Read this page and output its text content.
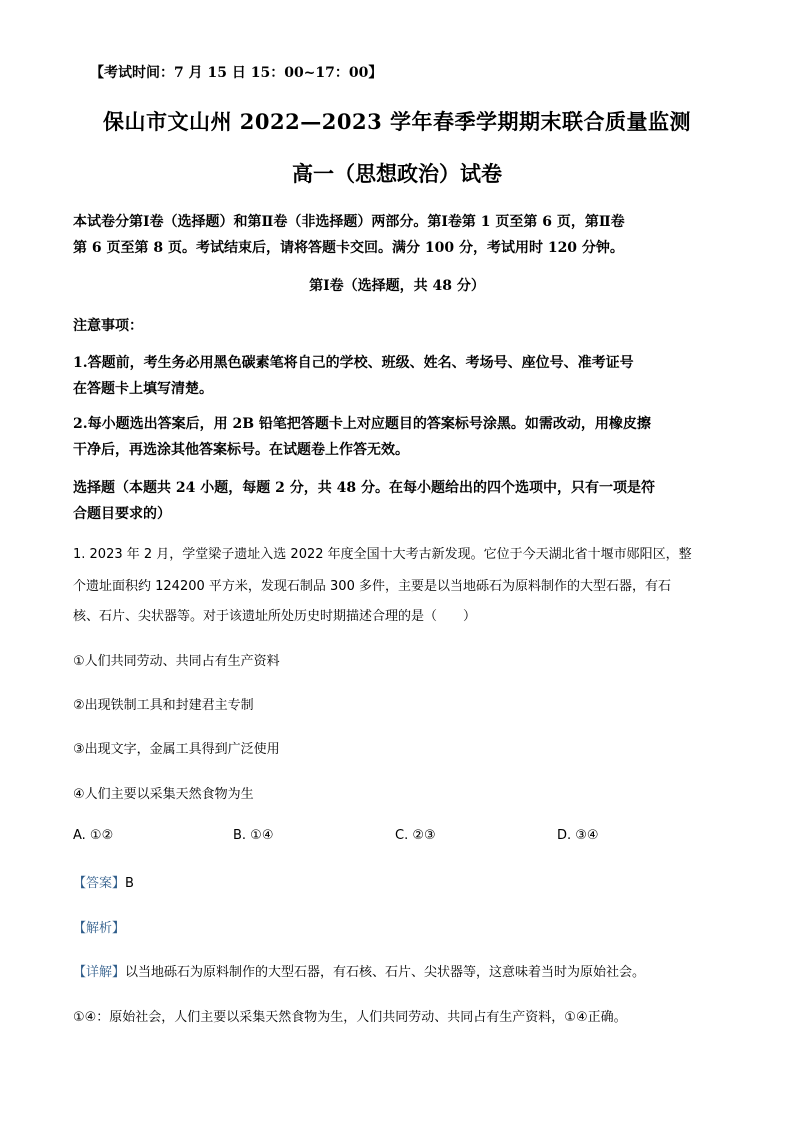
【考试时间：7 月 15 日 15：00~17：00】
保山市文山州 2022—2023 学年春季学期期末联合质量监测
高一（思想政治）试卷
本试卷分第Ⅰ卷（选择题）和第Ⅱ卷（非选择题）两部分。第Ⅰ卷第 1 页至第 6 页，第Ⅱ卷
第 6 页至第 8 页。考试结束后，请将答题卡交回。满分 100 分，考试用时 120 分钟。
第Ⅰ卷（选择题，共 48 分）
注意事项：
1.答题前，考生务必用黑色碳素笔将自己的学校、班级、姓名、考场号、座位号、准考证号
在答题卡上填写清楚。
2.每小题选出答案后，用 2B 铅笔把答题卡上对应题目的答案标号涂黑。如需改动，用橡皮擦
干净后，再选涂其他答案标号。在试题卷上作答无效。
选择题（本题共 24 小题，每题 2 分，共 48 分。在每小题给出的四个选项中，只有一项是符
合题目要求的）
1. 2023 年 2 月，学堂梁子遗址入选 2022 年度全国十大考古新发现。它位于今天湖北省十堰市郧阳区，整
个遗址面积约 124200 平方米，发现石制品 300 多件，主要是以当地砾石为原料制作的大型石器，有石
核、石片、尖状器等。对于该遗址所处历史时期描述合理的是（　　）
①人们共同劳动、共同占有生产资料
②出现铁制工具和封建君主专制
③出现文字，金属工具得到广泛使用
④人们主要以采集天然食物为生
A. ①②	B. ①④	C. ②③	D. ③④
【答案】B
【解析】
【详解】以当地砾石为原料制作的大型石器，有石核、石片、尖状器等，这意味着当时为原始社会。
①④：原始社会，人们主要以采集天然食物为生，人们共同劳动、共同占有生产资料，①④正确。
